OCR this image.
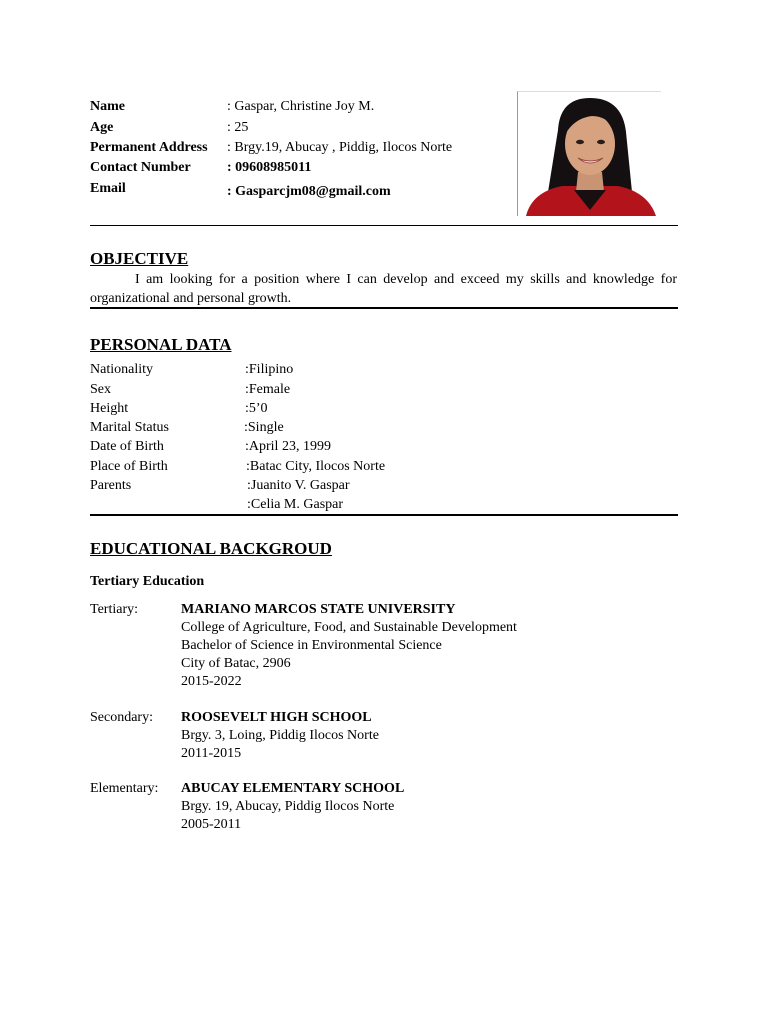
Name	: Gaspar, Christine Joy M.
Age	: 25
Permanent Address : Brgy.19, Abucay , Piddig, Ilocos Norte
Contact Number	: 09608985011
Email	: Gasparcjm08@gmail.com
OBJECTIVE
I am looking for a position where I can develop and exceed my skills and knowledge for organizational and personal growth.
PERSONAL DATA
Nationality	:Filipino
Sex	:Female
Height	:5’0
Marital Status	:Single
Date of Birth	:April 23, 1999
Place of Birth	:Batac City, Ilocos Norte
Parents	:Juanito V. Gaspar
:Celia M. Gaspar
EDUCATIONAL BACKGROUD
Tertiary Education
Tertiary:	MARIANO MARCOS STATE UNIVERSITY
College of Agriculture, Food, and Sustainable Development
Bachelor of Science in Environmental Science
City of Batac, 2906
2015-2022
Secondary: ROOSEVELT HIGH SCHOOL
Brgy. 3, Loing, Piddig Ilocos Norte
2011-2015
Elementary: ABUCAY ELEMENTARY SCHOOL
Brgy. 19, Abucay, Piddig Ilocos Norte
2005-2011
